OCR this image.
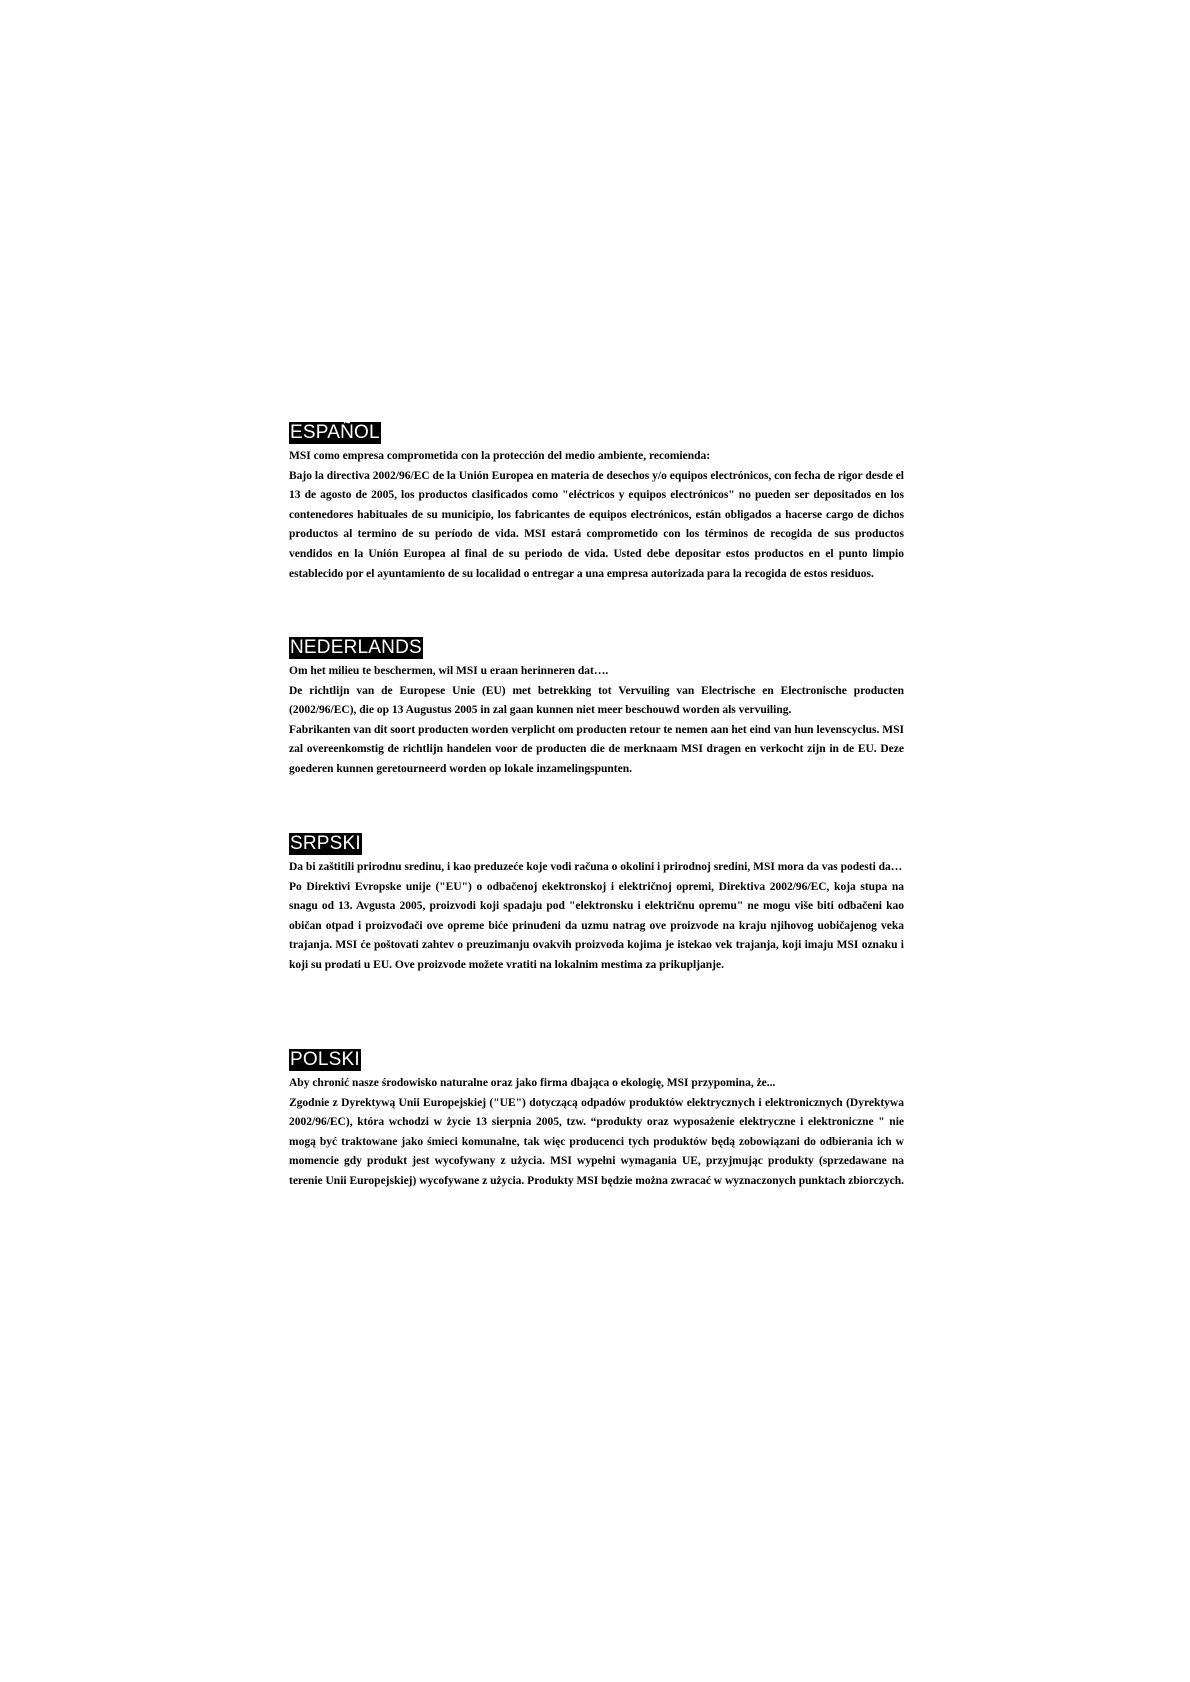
ESPAÑOL

MSI como empresa comprometida con la protección del medio ambiente, recomienda:

Bajo la directiva 2002/96/EC de la Unión Europea en materia de desechos y/o equipos electrónicos, con fecha de rigor desde el 13 de agosto de 2005, los productos clasificados como "eléctricos y equipos electrónicos" no pueden ser depositados en los contenedores habituales de su municipio, los fabricantes de equipos electrónicos, están obligados a hacerse cargo de dichos productos al termino de su período de vida. MSI estará comprometido con los términos de recogida de sus productos vendidos en la Unión Europea al final de su periodo de vida. Usted debe depositar estos productos en el punto limpio establecido por el ayuntamiento de su localidad o entregar a una empresa autorizada para la recogida de estos residuos.

NEDERLANDS

Om het milieu te beschermen, wil MSI u eraan herinneren dat….

De richtlijn van de Europese Unie (EU) met betrekking tot Vervuiling van Electrische en Electronische producten (2002/96/EC), die op 13 Augustus 2005 in zal gaan kunnen niet meer beschouwd worden als vervuiling.

Fabrikanten van dit soort producten worden verplicht om producten retour te nemen aan het eind van hun levenscyclus. MSI zal overeenkomstig de richtlijn handelen voor de producten die de merknaam MSI dragen en verkocht zijn in de EU. Deze goederen kunnen geretourneerd worden op lokale inzamelingspunten.

SRPSKI

Da bi zaštitili prirodnu sredinu, i kao preduzeće koje vodi računa o okolini i prirodnoj sredini, MSI mora da vas podesti da…

Po Direktivi Evropske unije ("EU") o odbačenoj ekektronskoj i električnoj opremi, Direktiva 2002/96/EC, koja stupa na snagu od 13. Avgusta 2005, proizvodi koji spadaju pod "elektronsku i električnu opremu" ne mogu više biti odbačeni kao običan otpad i proizvođači ove opreme biće prinuđeni da uzmu natrag ove proizvode na kraju njihovog uobičajenog veka trajanja. MSI će poštovati zahtev o preuzimanju ovakvih proizvoda kojima je istekao vek trajanja, koji imaju MSI oznaku i koji su prodati u EU. Ove proizvode možete vratiti na lokalnim mestima za prikupljanje.

POLSKI

Aby chronić nasze środowisko naturalne oraz jako firma dbająca o ekologię, MSI przypomina, że...

Zgodnie z Dyrektywą Unii Europejskiej ("UE") dotyczącą odpadów produktów elektrycznych i elektronicznych (Dyrektywa 2002/96/EC), która wchodzi w życie 13 sierpnia 2005, tzw. “produkty oraz wyposażenie elektryczne i elektroniczne " nie mogą być traktowane jako śmieci komunalne, tak więc producenci tych produktów będą zobowiązani do odbierania ich w momencie gdy produkt jest wycofywany z użycia. MSI wypełni wymagania UE, przyjmując produkty (sprzedawane na terenie Unii Europejskiej) wycofywane z użycia. Produkty MSI będzie można zwracać w wyznaczonych punktach zbiorczych.
